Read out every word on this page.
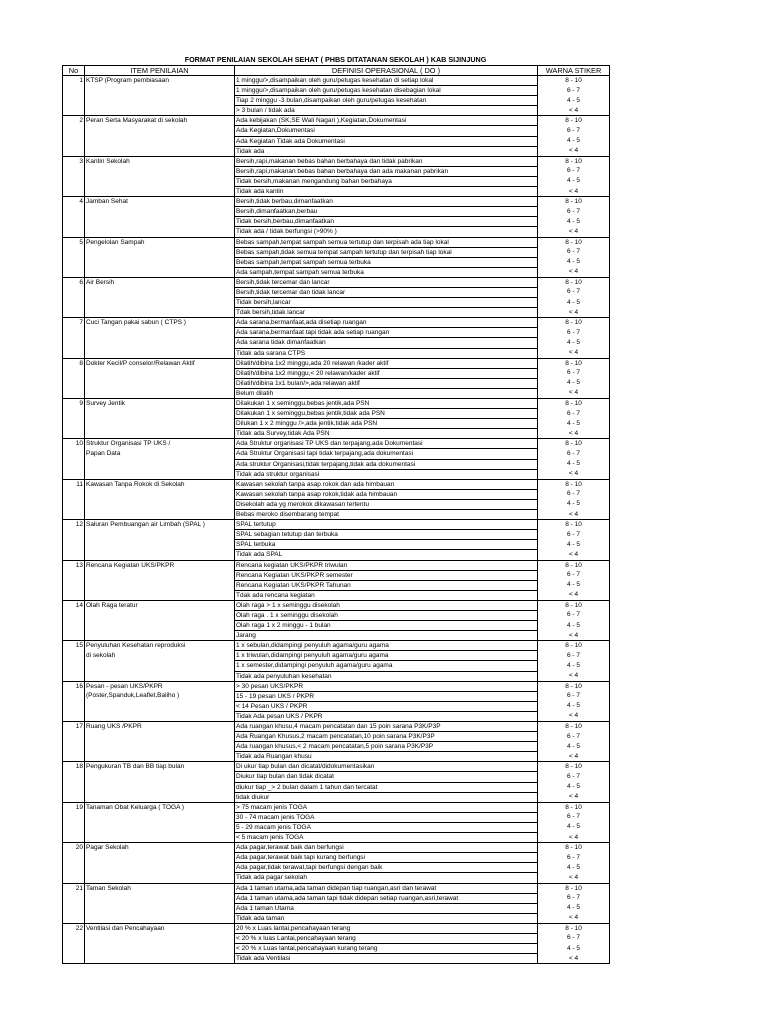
FORMAT PENILAIAN SEKOLAH SEHAT ( PHBS DITATANAN SEKOLAH ) KAB SIJINJUNG
No	ITEM PENILAIAN	DEFINISI OPERASIONAL ( DO )	WARNA STIKER
1	KTSP (Program pembiasaan	1 minggu/>,disampaikan oleh guru/petugas kesehatan di setiap lokal	8 - 10
		1 minggu/>,disampaikan oleh guru/petugas kesehatan disebagian lokal	6 - 7
		Tiap 2 minggu -3 bulan,disampaikan oleh guru/petugas kesehatan	4 - 5
		> 3 bulan / tidak ada	< 4
2	Peran Serta Masyarakat di sekolah	Ada kebijakan (SK,SE Wali Nagari ),Kegiatan,Dokumentasi	8 - 10
		Ada Kegiatan,Dokumentasi	6 - 7
		Ada Kegiatan Tidak ada Dokumentasi	4 - 5
		Tidak ada	< 4
3	Kantin Sekolah	Bersih,rapi,makanan bebas bahan berbahaya dan tidak pabrikan	8 - 10
		Bersih,rapi,makanan bebas bahan berbahaya dan ada makanan pabrikan	6 - 7
		Tidak bersih,makanan mengandung bahan berbahaya	4 - 5
		Tidak ada kantin	< 4
4	Jamban Sehat	Bersih,tidak berbau,dimanfaatkan	8 - 10
		Bersih,dimanfaatkan,berbau	6 - 7
		Tidak bersih,berbau,dimanfaatkan	4 - 5
		Tidak ada / tidak berfungsi (>90% )	< 4
5	Pengelolan Sampah	Bebas sampah,tempat sampah semua tertutup dan terpisah ada tiap lokal	8 - 10
		Bebas sampah,tidak semua tempat sampah tertutup dan terpisah tiap lokal	6 - 7
		Bebas sampah,tempat sampah semua terbuka	4 - 5
		Ada sampah,tempat sampah semua terbuka	< 4
6	Air Bersih	Bersih,tidak tercemar dan lancar	8 - 10
		Bersih,tidak tercemar dan tidak lancar	6 - 7
		Tidak bersih,lancar	4 - 5
		Tdak bersih,tidak lancar	< 4
7	Cuci Tangan pakai sabun ( CTPS )	Ada sarana,bermanfaat,ada disetiap ruangan	8 - 10
		Ada sarana,bermanfaat tapi tidak ada setiap ruangan	6 - 7
		Ada sarana tidak dimanfaatkan	4 - 5
		Tidak ada sarana CTPS	< 4
8	Dokter Kecil/P conselor/Relawan Aktif	Dilatih/dibina 1x2 minggu,ada 20 relawan /kader aktif	8 - 10
		Dilatih/dibina 1x2 minggu,< 20 relawan/kader aktif	6 - 7
		Dilatih/dibina 1x1 bulan/>,ada relawan aktif	4 - 5
		Belum dilatih	< 4
9	Survey Jentik	Dilakukan 1 x seminggu,bebas jentik,ada PSN	8 - 10
		Dilakukan 1 x seminggu,bebas jentik,tidak ada PSN	6 - 7
		Dilukan 1 x 2 minggu />,ada jentik,tidak ada PSN	4 - 5
		Tidak ada Survey,tidak Ada PSN	< 4
10	Struktur Organisasi TP UKS /	Ada Struktur organisasi TP UKS dan terpajang,ada Dokumentasi	8 - 10
	Papan Data	Ada Struktur Organisasi tapi tidak terpajang,ada dokumentasi	6 - 7
		Ada struktur Organisasi,tidak terpajang,tidak ada dokumentasi	4 - 5
		Tidak ada struktur organisasi	< 4
11	Kawasan Tanpa Rokok di Sekolah	Kawasan sekolah tanpa asap rokok dan ada himbauan	8 - 10
		Kawasan sekolah tanpa asap rokok,tidak ada himbauan	6 - 7
		Disekolah ada yg merokok dikawasan tertentu	4 - 5
		Bebas meroko disembarang tempat	< 4
12	Saluran Pembuangan air Limbah (SPAL )	SPAL tertutup	8 - 10
		SPAL sebagian tetutup dan terbuka	6 - 7
		SPAL terbuka	4 - 5
		Tidak ada SPAL	< 4
13	Rencana Kegiatan UKS/PKPR	Rencana kegiatan UKS/PKPR triwulan	8 - 10
		Rencana Kegiatan UKS/PKPR semester	6 - 7
		Rencana Kegiatan UKS/PKPR Tahunan	4 - 5
		Tdak ada rencana kegiatan	< 4
14	Olah Raga teratur	Olah raga > 1 x seminggu disekolah	8 - 10
		Olah raga . 1 x seminggu disekolah	6 - 7
		Olah raga 1 x 2 minggu - 1 bulan	4 - 5
		Jarang	< 4
15	Penyuluhan Kesehatan reproduksi	1 x sebulan,didampingi penyuluh agama/guru agama	8 - 10
	di sekolah	1 x triwulan,didampingi penyuluh agama/guru agama	6 - 7
		1 x semester,didampingi penyuluh agama/guru agama	4 - 5
		Tidak ada penyuluhan kesehatan	< 4
16	Pesan - pesan UKS/PKPR	> 30 pesan UKS/PKPR	8 - 10
	(Poster,Spanduk,Leaflet,Baliho )	15 - 19 pesan UKS / PKPR	6 - 7
		< 14 Pesan UKS / PKPR	4 - 5
		Tidak Ada pesan UKS / PKPR	< 4
17	Ruang UKS /PKPR	Ada ruangan khusu,4 macam pencatatan dan 15 poin sarana P3K/P3P	8 - 10
		Ada Ruangan Khusus,2 macam pencatatan,10 poin sarana P3K/P3P	6 - 7
		Ada ruangan khusus,< 2 macam pencatatan,5 poin sarana P3K/P3P	4 - 5
		Tidak ada Ruangan khusu	< 4
18	Pengukuran TB dan BB tiap bulan	Di ukur tiap bulan dan dicatat/didokumentasikan	8 - 10
		Diukur tiap bulan dan tidak dicatat	6 - 7
		diukur tiap _> 2 bulan dalam 1 tahun dan tercatat	4 - 5
		tidak diukur	< 4
19	Tanaman Obat Keluarga ( TOGA )	> 75 macam jenis TOGA	8 - 10
		30 - 74 macam jenis TOGA	6 - 7
		5 - 29 macam jenis TOGA	4 - 5
		< 5 macam jenis TOGA	< 4
20	Pagar Sekolah	Ada pagar,terawat baik dan berfungsi	8 - 10
		Ada pagar,terawat baik tapi kurang berfungsi	6 - 7
		Ada pagar,tidak terawat,tapi berfungsi dengan baik	4 - 5
		Tidak ada pagar sekolah	< 4
21	Taman Sekolah	Ada 1 taman utama,ada taman didepan tiap ruangan,asri dan terawat	8 - 10
		Ada 1 taman utama,ada taman tapi tidak didepan setiap ruangan,asri,terawat	6 - 7
		Ada 1 taman Utama	4 - 5
		Tidak ada taman	< 4
22	Ventilasi dan Pencahayaan	20 % x Luas lantai,pencahayaan terang	8 - 10
		< 20 % x luas Lantai,pencahayaan terang	6 - 7
		< 20 % x Luas lantai,pencahayaan kurang terang	4 - 5
		Tidak ada Ventilasi	< 4
